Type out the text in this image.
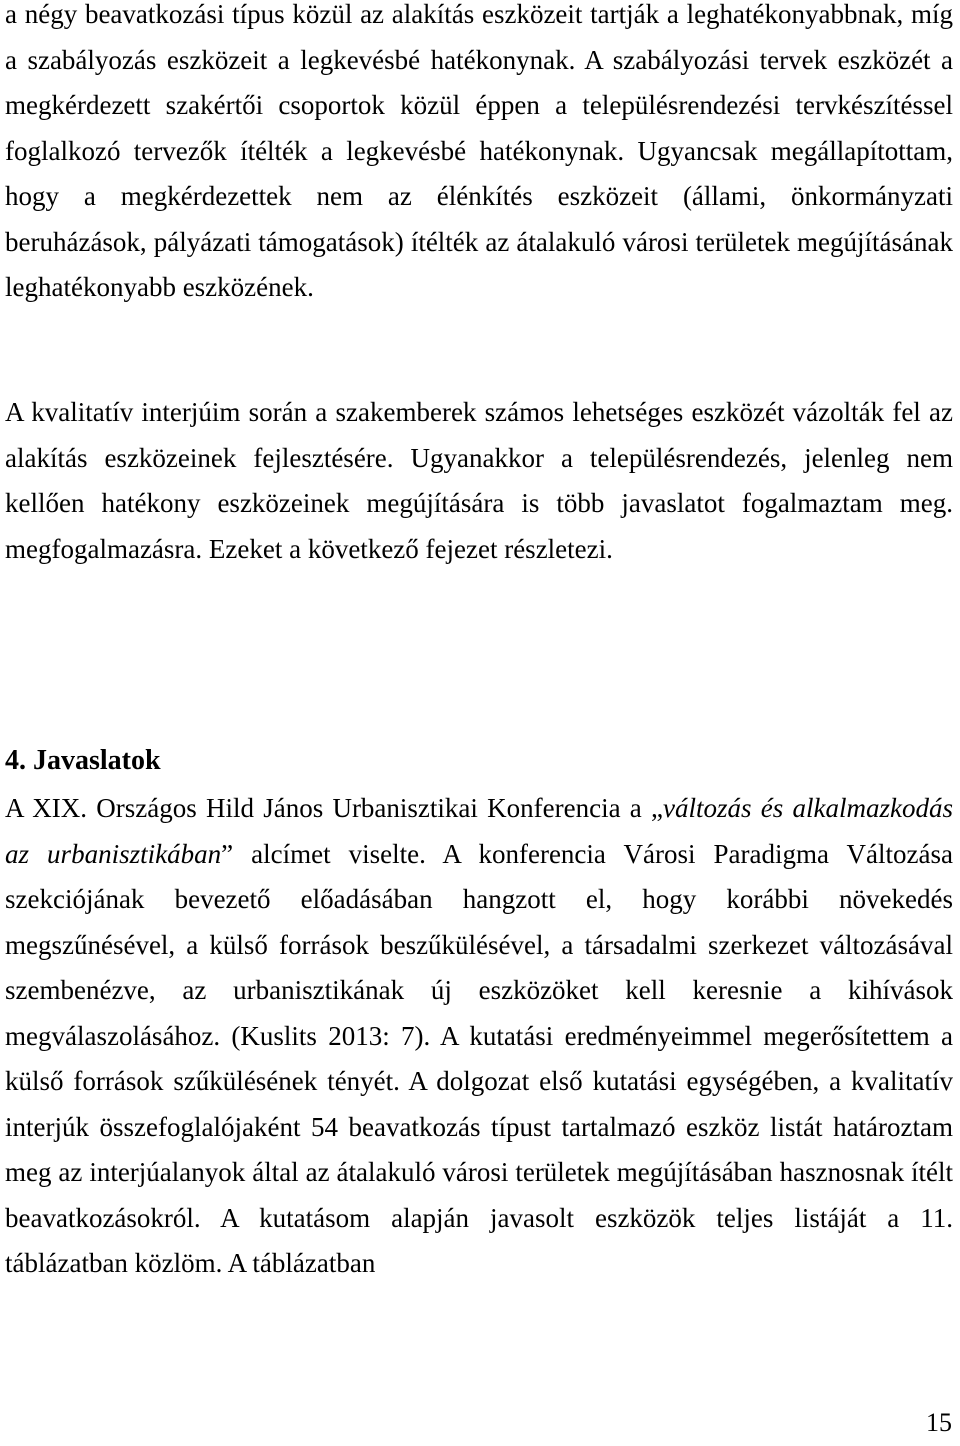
a négy beavatkozási típus közül az alakítás eszközeit tartják a leghatékonyabbnak, míg a szabályozás eszközeit a legkevésbé hatékonynak. A szabályozási tervek eszközét a megkérdezett szakértői csoportok közül éppen a településrendezési tervkészítéssel foglalkozó tervezők ítélték a legkevésbé hatékonynak. Ugyancsak megállapítottam, hogy a megkérdezettek nem az élénkítés eszközeit (állami, önkormányzati beruházások, pályázati támogatások) ítélték az átalakuló városi területek megújításának leghatékonyabb eszközének.

A kvalitatív interjúim során a szakemberek számos lehetséges eszközét vázolták fel az alakítás eszközeinek fejlesztésére. Ugyanakkor a településrendezés, jelenleg nem kellően hatékony eszközeinek megújítására is több javaslatot fogalmaztam meg. megfogalmazásra. Ezeket a következő fejezet részletezi.

4. Javaslatok

A XIX. Országos Hild János Urbanisztikai Konferencia a „változás és alkalmazkodás az urbanisztikában” alcímet viselte. A konferencia Városi Paradigma Változása szekciójának bevezető előadásában hangzott el, hogy korábbi növekedés megszűnésével, a külső források beszűkülésével, a társadalmi szerkezet változásával szembenézve, az urbanisztikának új eszközöket kell keresnie a kihívások megválaszolásához. (Kuslits 2013: 7). A kutatási eredményeimmel megerősítettem a külső források szűkülésének tényét. A dolgozat első kutatási egységében, a kvalitatív interjúk összefoglalójaként 54 beavatkozás típust tartalmazó eszköz listát határoztam meg az interjúalanyok által az átalakuló városi területek megújításában hasznosnak ítélt beavatkozásokról. A kutatásom alapján javasolt eszközök teljes listáját a 11. táblázatban közlöm. A táblázatban

15
